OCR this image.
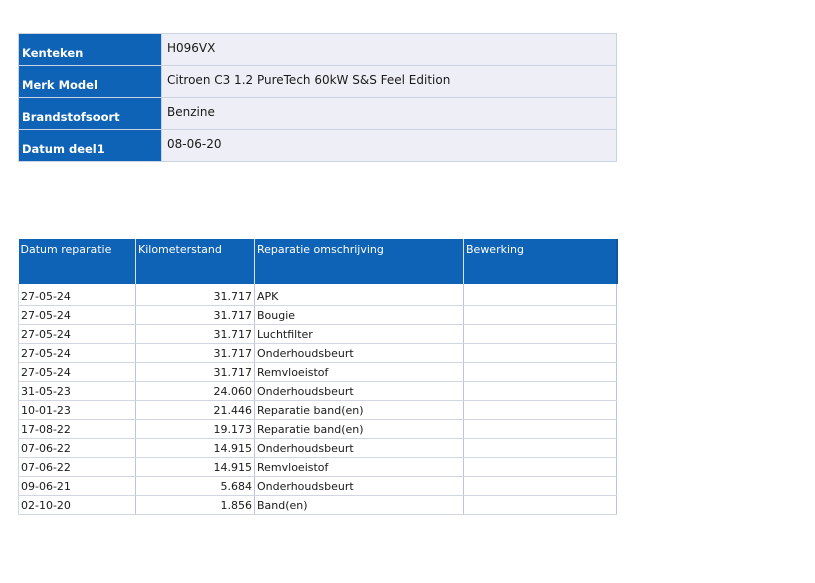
Kenteken	H096VX
Merk Model	Citroen C3 1.2 PureTech 60kW S&S Feel Edition
Brandstofsoort	Benzine
Datum deel1	08-06-20
Datum reparatie	Kilometerstand	Reparatie omschrijving	Bewerking
27-05-24	31.717	APK	
27-05-24	31.717	Bougie	
27-05-24	31.717	Luchtfilter	
27-05-24	31.717	Onderhoudsbeurt	
27-05-24	31.717	Remvloeistof	
31-05-23	24.060	Onderhoudsbeurt	
10-01-23	21.446	Reparatie band(en)	
17-08-22	19.173	Reparatie band(en)	
07-06-22	14.915	Onderhoudsbeurt	
07-06-22	14.915	Remvloeistof	
09-06-21	5.684	Onderhoudsbeurt	
02-10-20	1.856	Band(en)	
